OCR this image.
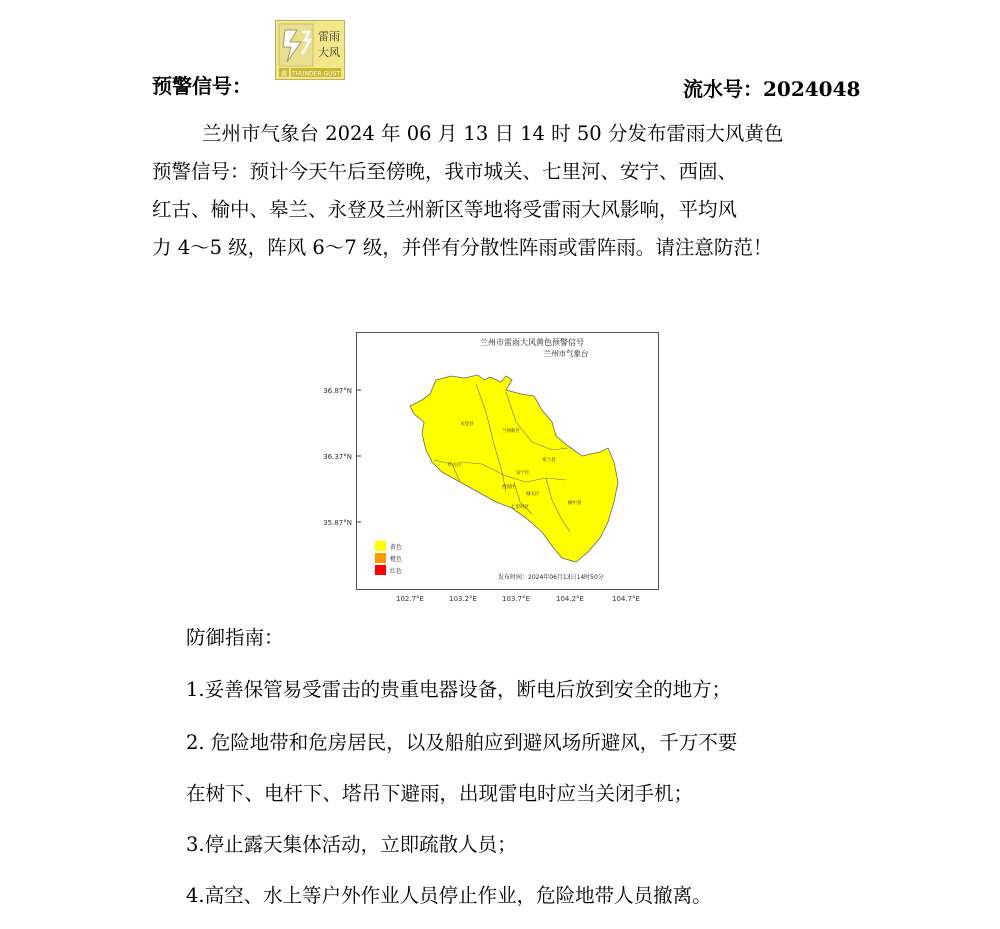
预警信号：
雷雨
大风
黄 THUNDER GUST
流水号：2024048
兰州市气象台 2024 年 06 月 13 日 14 时 50 分发布雷雨大风黄色
预警信号：预计今天午后至傍晚，我市城关、七里河、安宁、西固、
红古、榆中、皋兰、永登及兰州新区等地将受雷雨大风影响，平均风
力 4～5 级，阵风 6～7 级，并伴有分散性阵雨或雷阵雨。请注意防范！
兰州市雷雨大风黄色预警信号
兰州市气象台
永登县
兰州新区
皋兰县
红古区
安宁区
西固区
城关区
七里河区
榆中县
黄色
橙色
红色
发布时间：2024年06月13日14时50分
36.87°N
36.37°N
35.87°N
102.7°E	103.2°E	103.7°E	104.2°E	104.7°E
防御指南：
1.妥善保管易受雷击的贵重电器设备，断电后放到安全的地方；
2. 危险地带和危房居民，以及船舶应到避风场所避风，千万不要
在树下、电杆下、塔吊下避雨，出现雷电时应当关闭手机；
3.停止露天集体活动，立即疏散人员；
4.高空、水上等户外作业人员停止作业，危险地带人员撤离。
